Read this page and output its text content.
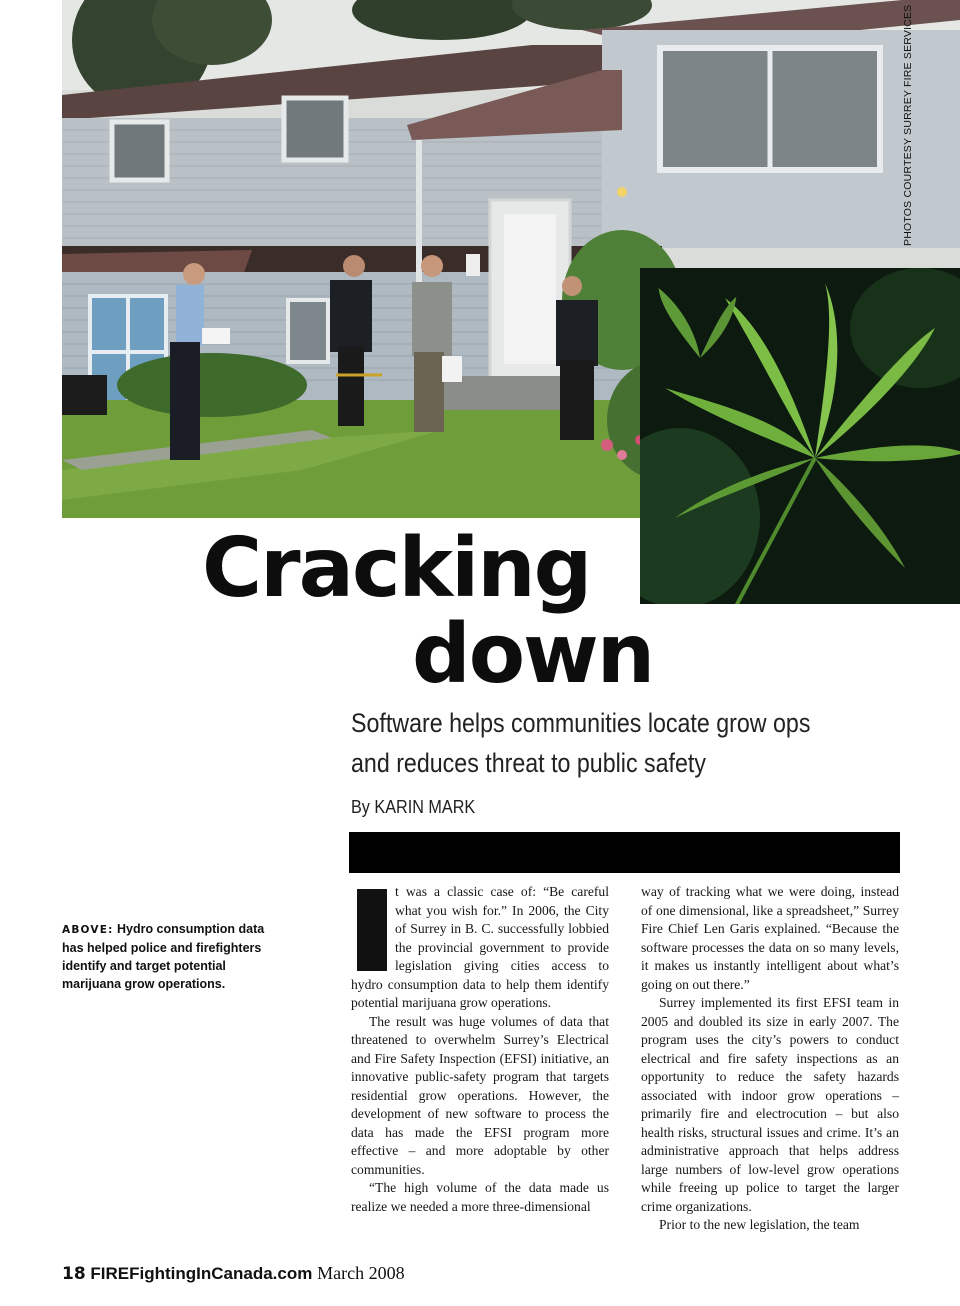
PHOTOS COURTESY SURREY FIRE SERVICES
Cracking
down
Software helps communities locate grow ops
and reduces threat to public safety
By KARIN MARK
ABOVE: Hydro consumption data has helped police and firefighters identify and target potential marijuana grow operations.

t was a classic case of: “Be careful what you wish for.” In 2006, the City of Surrey in B. C. successfully lobbied the provincial government to provide legislation giving cities access to hydro consumption data to help them identify potential marijuana grow operations.

The result was huge volumes of data that threatened to overwhelm Surrey’s Electrical and Fire Safety Inspection (EFSI) initiative, an innovative public-safety program that targets residential grow operations. However, the development of new software to process the data has made the EFSI program more effective – and more adoptable by other communities.

“The high volume of the data made us realize we needed a more three-dimensional

way of tracking what we were doing, instead of one dimensional, like a spreadsheet,” Surrey Fire Chief Len Garis explained. “Because the software processes the data on so many levels, it makes us instantly intelligent about what’s going on out there.”

Surrey implemented its first EFSI team in 2005 and doubled its size in early 2007. The program uses the city’s powers to conduct electrical and fire safety inspections as an opportunity to reduce the safety hazards associated with indoor grow operations – primarily fire and electrocution – but also health risks, structural issues and crime. It’s an administrative approach that helps address large numbers of low-level grow operations while freeing up police to target the larger crime organizations.

Prior to the new legislation, the team

18 FIREFightingInCanada.com March 2008
